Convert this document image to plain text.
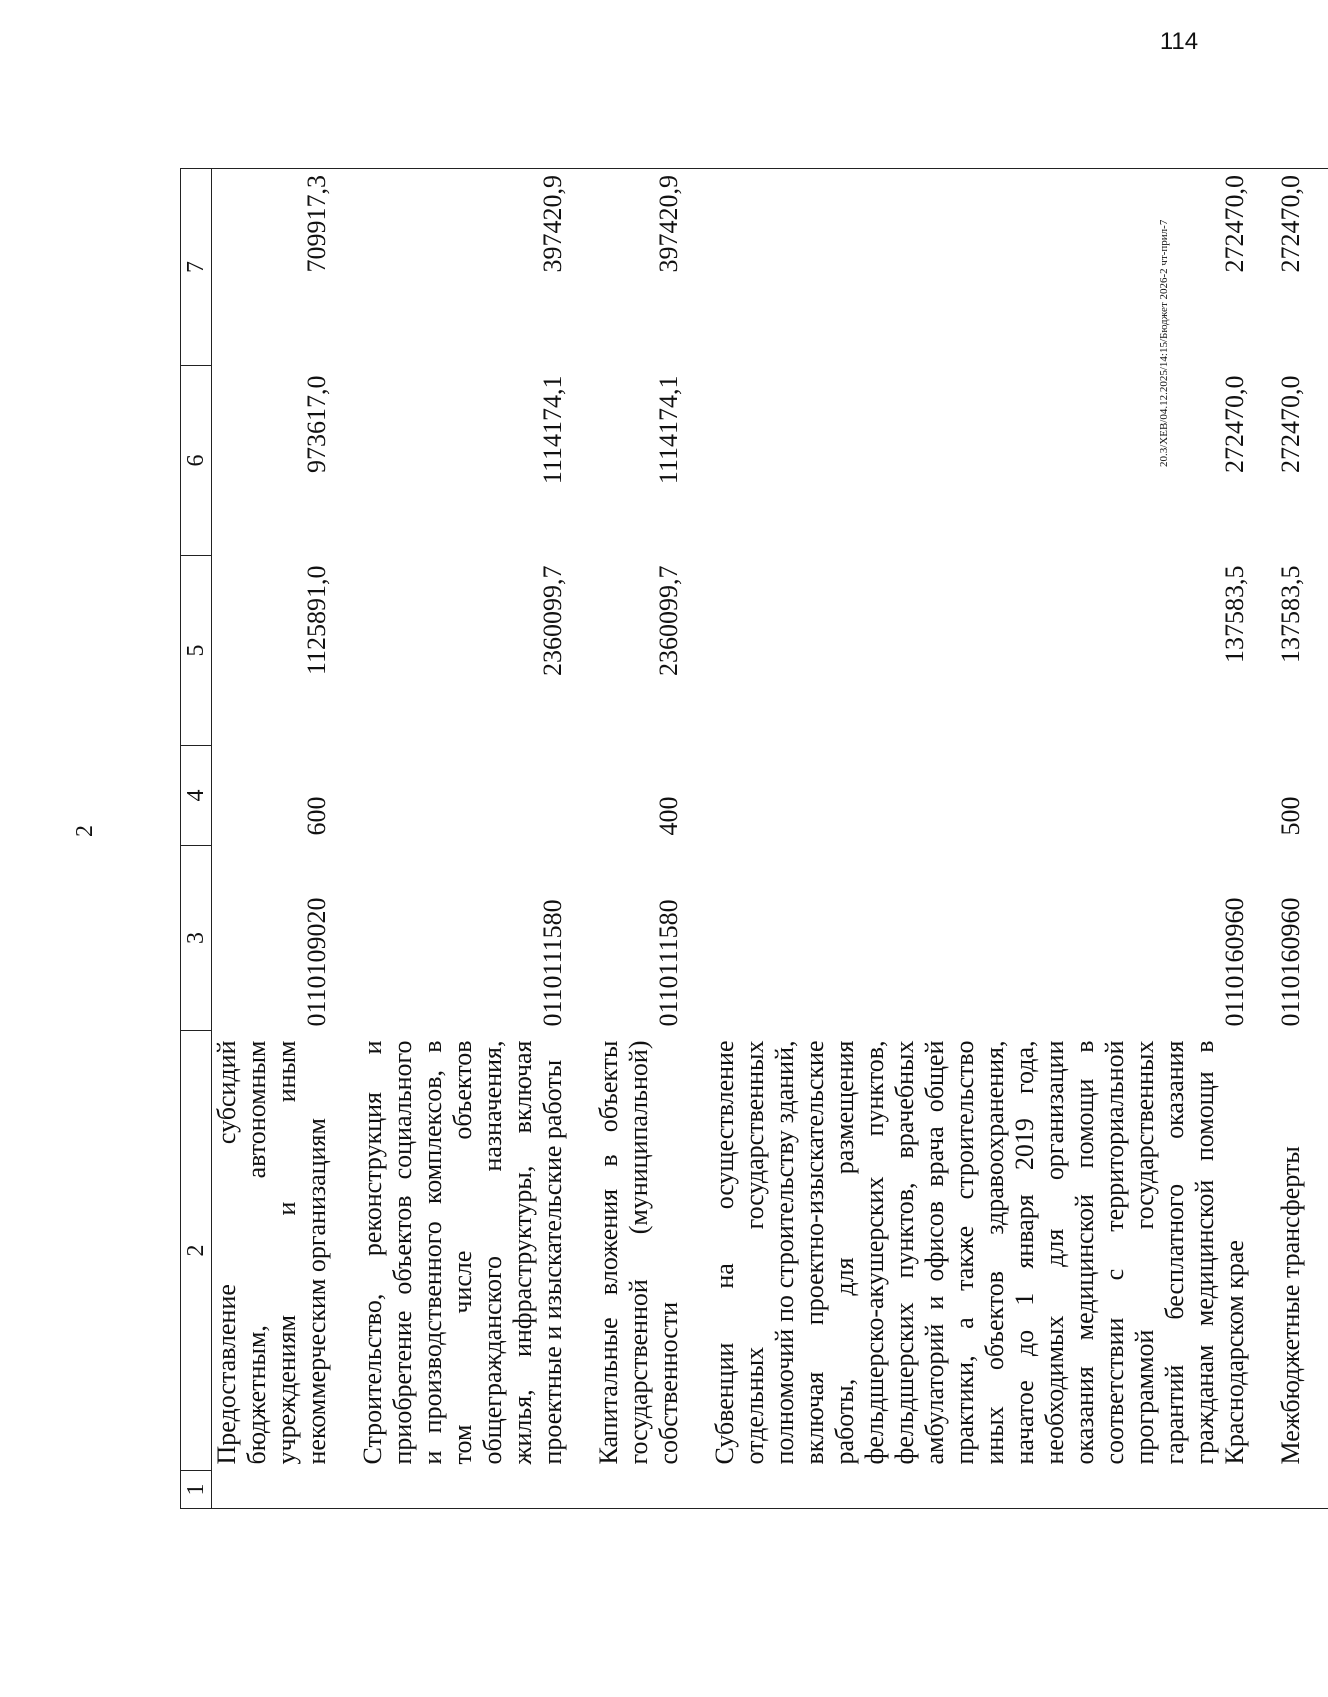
2
1	2	3	4	5	6	7
	Предоставление субсидий бюджетным, автономным учреждениям и иным некоммерческим организациям	0110109020	600	1125891,0	973617,0	709917,3
	Строительство, реконструкция и приобретение объектов социального и производственного комплексов, в том числе объектов общегражданского назначения, жилья, инфраструктуры, включая проектные и изыскательские работы	0110111580		2360099,7	1114174,1	397420,9
	Капитальные вложения в объекты государственной (муниципальной) собственности	0110111580	400	2360099,7	1114174,1	397420,9
	Субвенции на осуществление отдельных государственных полномочий по строительству зданий, включая проектно-изыскательские работы, для размещения фельдшерско-акушерских пунктов, фельдшерских пунктов, врачебных амбулаторий и офисов врача общей практики, а также строительство иных объектов здравоохранения, начатое до 1 января 2019 года, необходимых для организации оказания медицинской помощи в соответствии с территориальной программой государственных гарантий бесплатного оказания гражданам медицинской помощи в Краснодарском крае	0110160960		137583,5	272470,0	272470,0
	Межбюджетные трансферты	0110160960	500	137583,5	272470,0	272470,0
20.3/XEB/04.12.2025/14:15/Бюджет 2026-2 чт-прил-7
114
